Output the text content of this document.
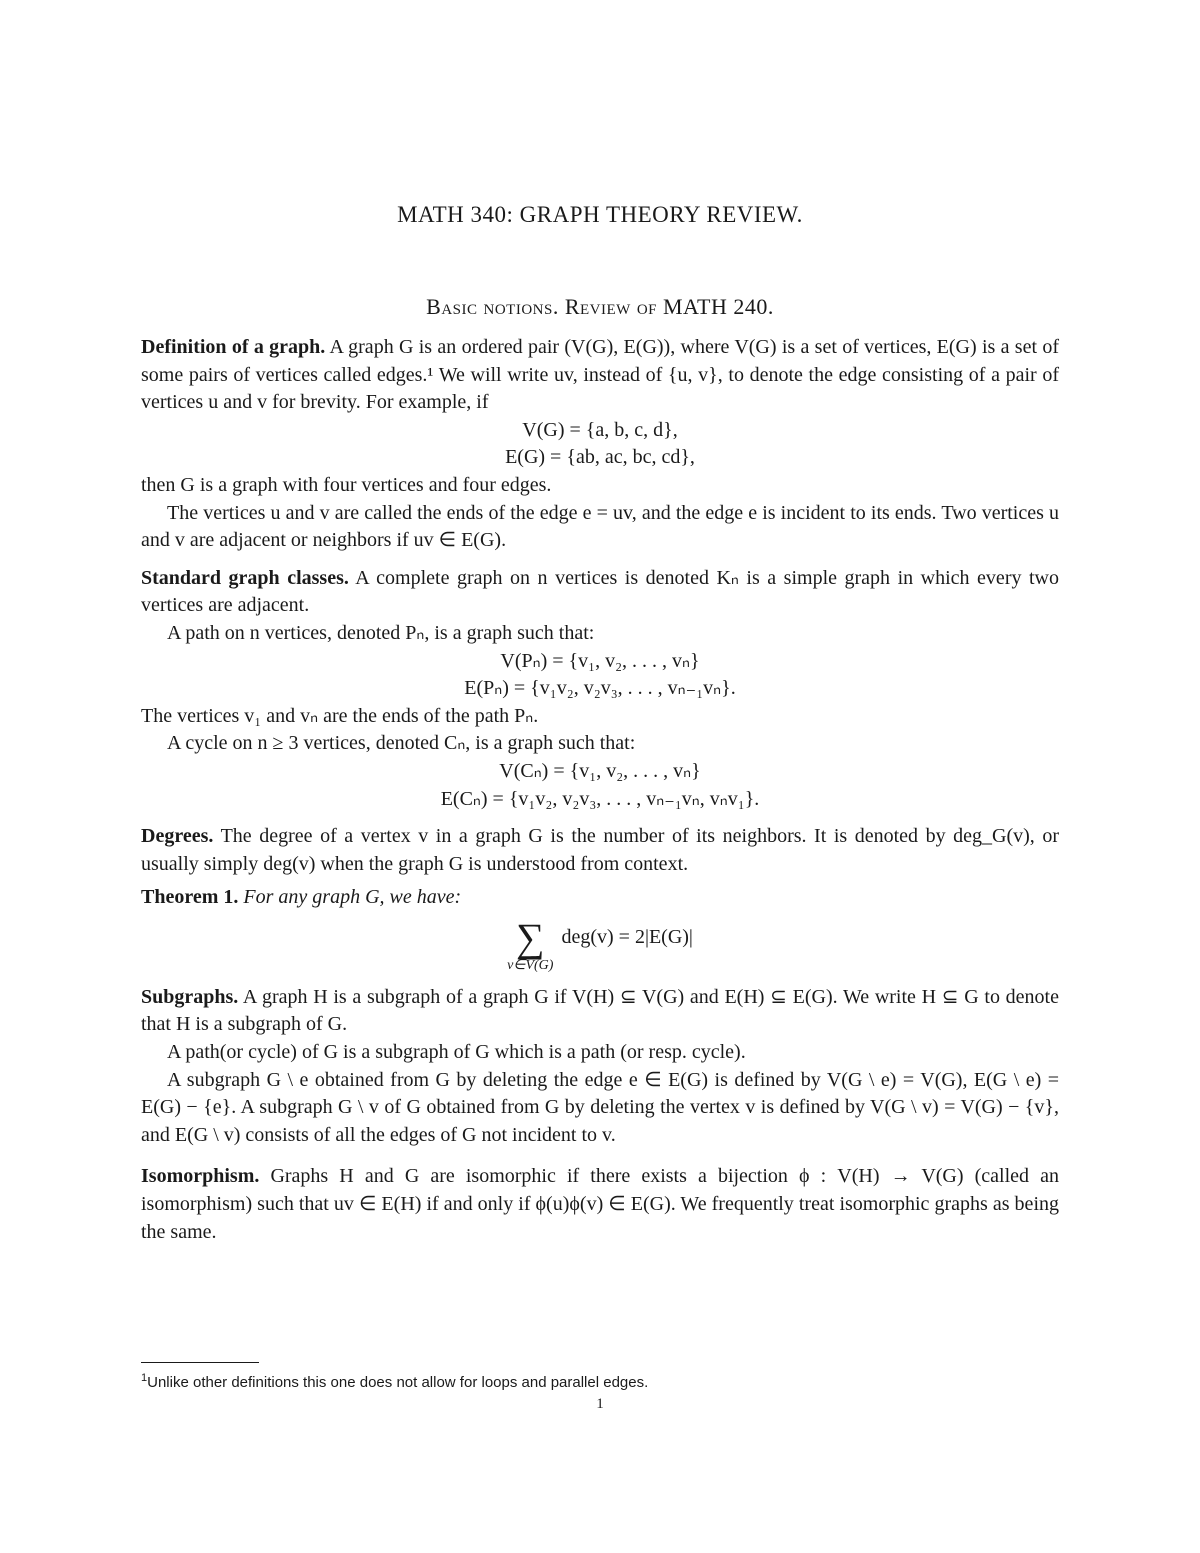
MATH 340: GRAPH THEORY REVIEW.
Basic notions. Review of MATH 240.

Definition of a graph. A graph G is an ordered pair (V(G), E(G)), where V(G) is a set of vertices, E(G) is a set of some pairs of vertices called edges.¹ We will write uv, instead of {u, v}, to denote the edge consisting of a pair of vertices u and v for brevity. For example, if

V(G) = {a, b, c, d},
E(G) = {ab, ac, bc, cd},

then G is a graph with four vertices and four edges.

The vertices u and v are called the ends of the edge e = uv, and the edge e is incident to its ends. Two vertices u and v are adjacent or neighbors if uv ∈ E(G).

Standard graph classes. A complete graph on n vertices is denoted Kₙ is a simple graph in which every two vertices are adjacent.

A path on n vertices, denoted Pₙ, is a graph such that:

V(Pₙ) = {v₁, v₂, . . . , vₙ}
E(Pₙ) = {v₁v₂, v₂v₃, . . . , vₙ₋₁vₙ}.

The vertices v₁ and vₙ are the ends of the path Pₙ.

A cycle on n ≥ 3 vertices, denoted Cₙ, is a graph such that:

V(Cₙ) = {v₁, v₂, . . . , vₙ}
E(Cₙ) = {v₁v₂, v₂v₃, . . . , vₙ₋₁vₙ, vₙv₁}.

Degrees. The degree of a vertex v in a graph G is the number of its neighbors. It is denoted by deg_G(v), or usually simply deg(v) when the graph G is understood from context.

Theorem 1. For any graph G, we have:

∑
v∈V(G)
deg(v) = 2|E(G)|

Subgraphs. A graph H is a subgraph of a graph G if V(H) ⊆ V(G) and E(H) ⊆ E(G). We write H ⊆ G to denote that H is a subgraph of G.

A path(or cycle) of G is a subgraph of G which is a path (or resp. cycle).

A subgraph G \ e obtained from G by deleting the edge e ∈ E(G) is defined by V(G \ e) = V(G), E(G \ e) = E(G) − {e}. A subgraph G \ v of G obtained from G by deleting the vertex v is defined by V(G \ v) = V(G) − {v}, and E(G \ v) consists of all the edges of G not incident to v.

Isomorphism. Graphs H and G are isomorphic if there exists a bijection ϕ : V(H) → V(G) (called an isomorphism) such that uv ∈ E(H) if and only if ϕ(u)ϕ(v) ∈ E(G). We frequently treat isomorphic graphs as being the same.

$^1$Unlike other definitions this one does not allow for loops and parallel edges.
1
